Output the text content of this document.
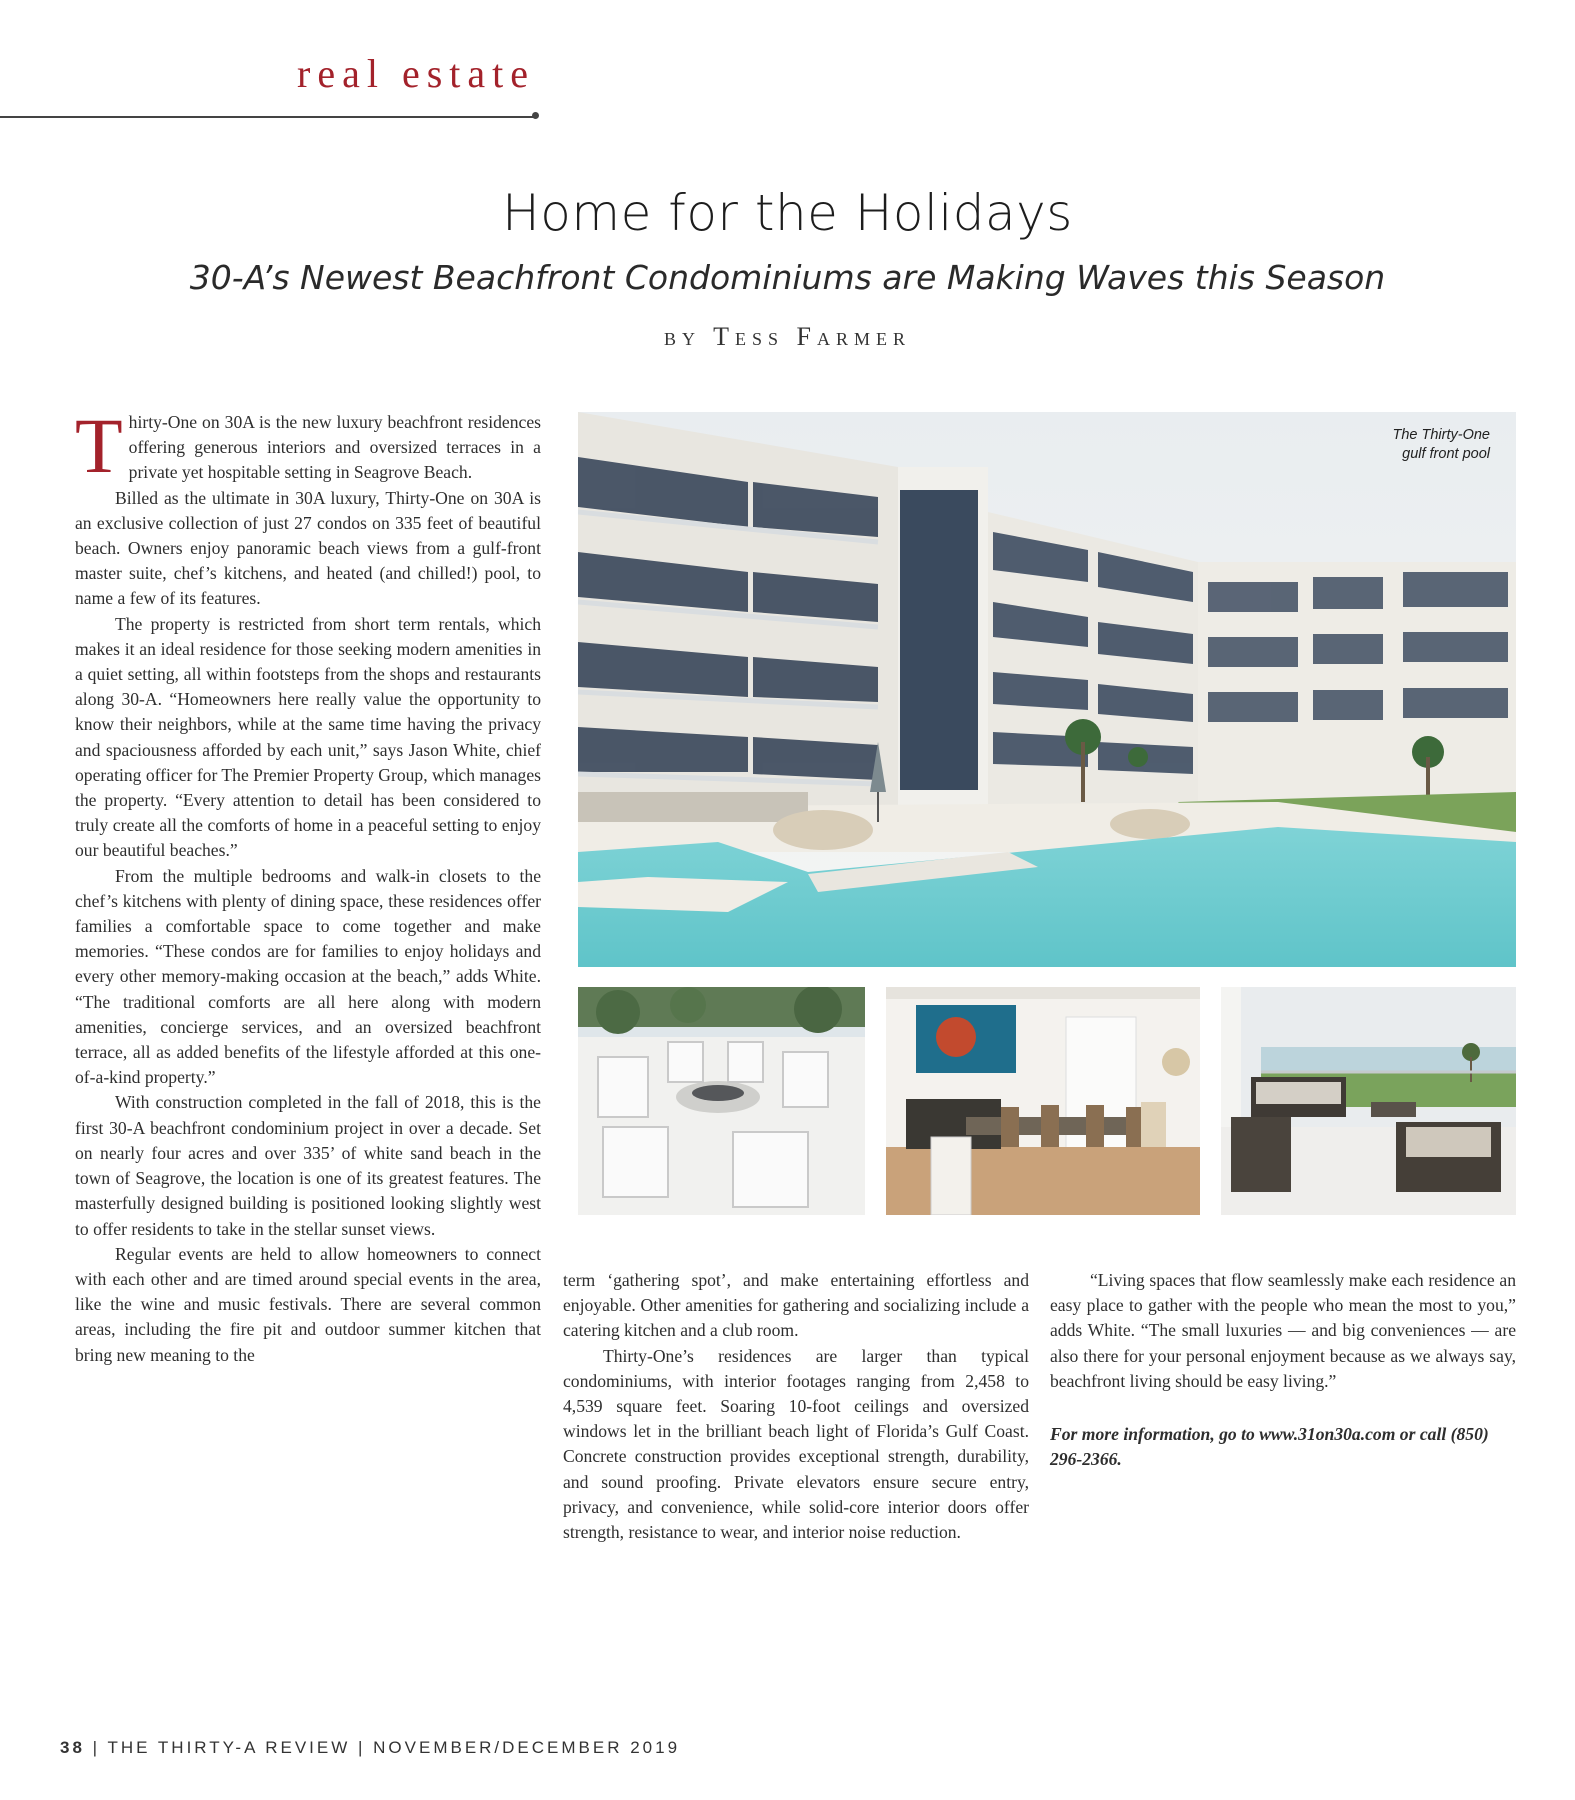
real estate
Home for the Holidays
30-A’s Newest Beachfront Condominiums are Making Waves this Season
by Tess Farmer

Thirty-One on 30A is the new luxury beachfront residences offering generous interiors and oversized terraces in a private yet hospitable setting in Seagrove Beach.

Billed as the ultimate in 30A luxury, Thirty-One on 30A is an exclusive collection of just 27 condos on 335 feet of beautiful beach. Owners enjoy panoramic beach views from a gulf-front master suite, chef’s kitchens, and heated (and chilled!) pool, to name a few of its features.

The property is restricted from short term rentals, which makes it an ideal residence for those seeking modern amenities in a quiet setting, all within footsteps from the shops and restaurants along 30-A. “Homeowners here really value the opportunity to know their neighbors, while at the same time having the privacy and spaciousness afforded by each unit,” says Jason White, chief operating officer for The Premier Property Group, which manages the property. “Every attention to detail has been considered to truly create all the comforts of home in a peaceful setting to enjoy our beautiful beaches.”

From the multiple bedrooms and walk-in closets to the chef’s kitchens with plenty of dining space, these residences offer families a comfortable space to come together and make memories. “These condos are for families to enjoy holidays and every other memory-making occasion at the beach,” adds White. “The traditional comforts are all here along with modern amenities, concierge services, and an oversized beachfront terrace, all as added benefits of the lifestyle afforded at this one-of-a-kind property.”

With construction completed in the fall of 2018, this is the first 30-A beachfront condominium project in over a decade. Set on nearly four acres and over 335’ of white sand beach in the town of Seagrove, the location is one of its greatest features. The masterfully designed building is positioned looking slightly west to offer residents to take in the stellar sunset views.

Regular events are held to allow homeowners to connect with each other and are timed around special events in the area, like the wine and music festivals. There are several common areas, including the fire pit and outdoor summer kitchen that bring new meaning to the

term ‘gathering spot’, and make entertaining effortless and enjoyable. Other amenities for gathering and socializing include a catering kitchen and a club room.

Thirty-One’s residences are larger than typical condominiums, with interior footages ranging from 2,458 to 4,539 square feet. Soaring 10-foot ceilings and oversized windows let in the brilliant beach light of Florida’s Gulf Coast. Concrete construction provides exceptional strength, durability, and sound proofing. Private elevators ensure secure entry, privacy, and convenience, while solid-core interior doors offer strength, resistance to wear, and interior noise reduction.

“Living spaces that flow seamlessly make each residence an easy place to gather with the people who mean the most to you,” adds White. “The small luxuries — and big conveniences — are also there for your personal enjoyment because as we always say, beachfront living should be easy living.”

For more information, go to www.31on30a.com or call (850) 296-2366.

The Thirty-One
gulf front pool
38 | THE THIRTY-A REVIEW | NOVEMBER/DECEMBER 2019
